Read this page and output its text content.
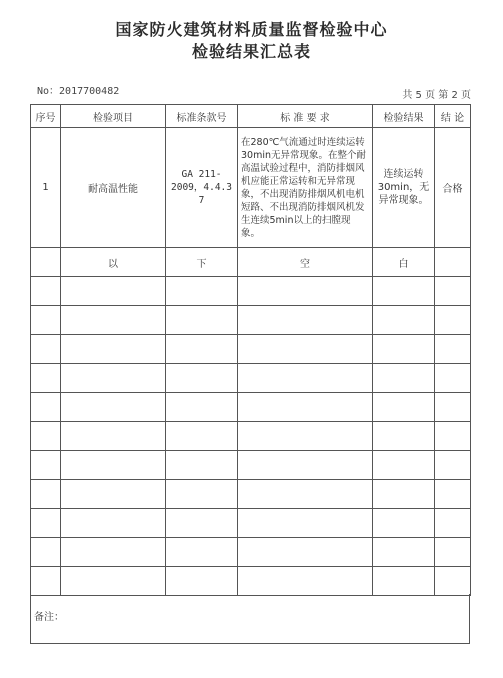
国家防火建筑材料质量监督检验中心
检验结果汇总表
No：2017700482	共 5 页 第 2 页
序号	检验项目	标准条款号	标 准 要 求	检验结果	结 论
1	耐高温性能	GA 211-2009，4.4.3 7	在280℃气流通过时连续运转30min无异常现象。在整个耐高温试验过程中，消防排烟风机应能正常运转和无异常现象，不出现消防排烟风机电机短路、不出现消防排烟风机发生连续5min以上的扫膛现象。	连续运转30min，无异常现象。	合格
	以	下	空	白	

备注：
